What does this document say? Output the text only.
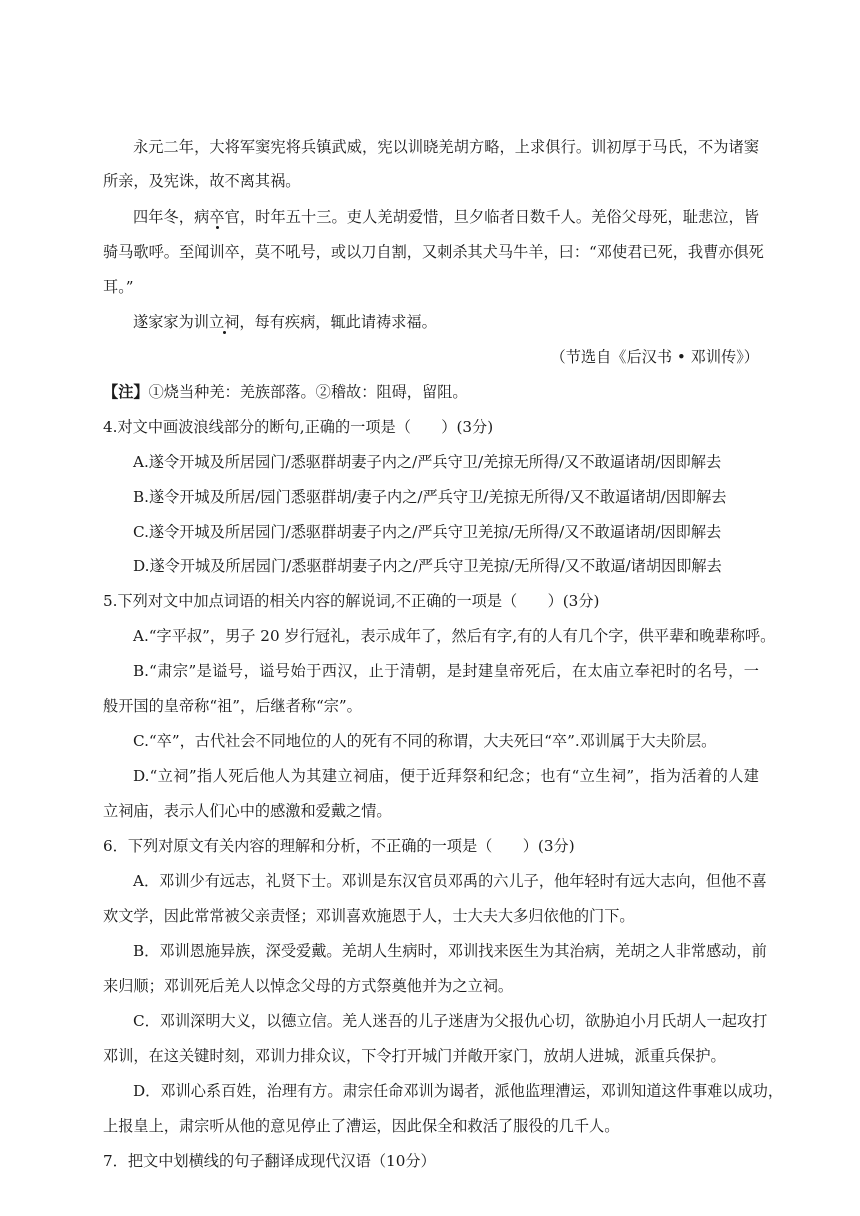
永元二年，大将军窦宪将兵镇武威，宪以训晓羌胡方略，上求俱行。训初厚于马氏，不为诸窦
所亲，及宪诛，故不离其祸。
四年冬，病卒官，时年五十三。吏人羌胡爱惜，旦夕临者日数千人。羌俗父母死，耻悲泣，皆
骑马歌呼。至闻训卒，莫不吼号，或以刀自割，又刺杀其犬马牛羊，曰：“邓使君已死，我曹亦俱死
耳。”
遂家家为训立祠，每有疾病，辄此请祷求福。
（节选自《后汉书 • 邓训传》）
【注】①烧当种羌：羌族部落。②稽故：阻碍，留阻。
4.对文中画波浪线部分的断句,正确的一项是（　　）(3分)
A.遂令开城及所居园门/悉驱群胡妻子内之/严兵守卫/羌掠无所得/又不敢逼诸胡/因即解去
B.遂令开城及所居/园门悉驱群胡/妻子内之/严兵守卫/羌掠无所得/又不敢逼诸胡/因即解去
C.遂令开城及所居园门/悉驱群胡妻子内之/严兵守卫羌掠/无所得/又不敢逼诸胡/因即解去
D.遂令开城及所居园门/悉驱群胡妻子内之/严兵守卫羌掠/无所得/又不敢逼/诸胡因即解去
5.下列对文中加点词语的相关内容的解说词,不正确的一项是（　　）(3分)
A.“字平叔”，男子 20 岁行冠礼，表示成年了，然后有字,有的人有几个字，供平辈和晚辈称呼。
B.“肃宗”是谥号，谥号始于西汉，止于清朝，是封建皇帝死后，在太庙立奉祀时的名号，一
般开国的皇帝称“祖”，后继者称“宗”。
C.“卒”，古代社会不同地位的人的死有不同的称谓，大夫死曰“卒”.邓训属于大夫阶层。
D.“立祠”指人死后他人为其建立祠庙，便于近拜祭和纪念；也有“立生祠”，指为活着的人建
立祠庙，表示人们心中的感激和爱戴之情。
6．下列对原文有关内容的理解和分析，不正确的一项是（　　）(3分)
A．邓训少有远志，礼贤下士。邓训是东汉官员邓禹的六儿子，他年轻时有远大志向，但他不喜
欢文学，因此常常被父亲责怪；邓训喜欢施恩于人，士大夫大多归依他的门下。
B．邓训恩施异族，深受爱戴。羌胡人生病时，邓训找来医生为其治病，羌胡之人非常感动，前
来归顺；邓训死后羌人以悼念父母的方式祭奠他并为之立祠。
C．邓训深明大义，以德立信。羌人迷吾的儿子迷唐为父报仇心切，欲胁迫小月氏胡人一起攻打
邓训，在这关键时刻，邓训力排众议，下令打开城门并敞开家门，放胡人进城，派重兵保护。
D．邓训心系百姓，治理有方。肃宗任命邓训为谒者，派他监理漕运，邓训知道这件事难以成功，
上报皇上，肃宗听从他的意见停止了漕运，因此保全和救活了服役的几千人。
7．把文中划横线的句子翻译成现代汉语（10分）
